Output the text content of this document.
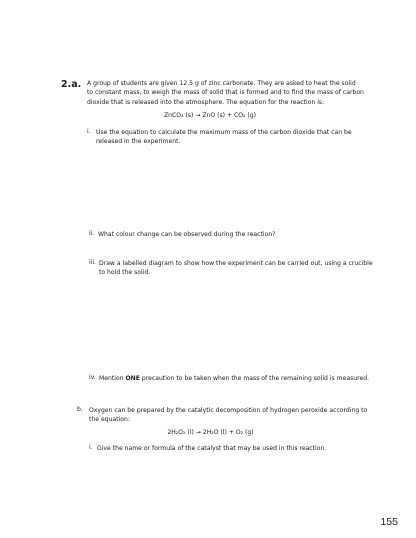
2.a. A group of students are given 12.5 g of zinc carbonate. They are asked to heat the solid
to constant mass, to weigh the mass of solid that is formed and to find the mass of carbon
dioxide that is released into the atmosphere. The equation for the reaction is:
ZnCO₃ (s) → ZnO (s) + CO₂ (g)
i. Use the equation to calculate the maximum mass of the carbon dioxide that can be
released in the experiment.
ii. What colour change can be observed during the reaction?
iii. Draw a labelled diagram to show how the experiment can be carried out, using a crucible
to hold the solid.
iv. Mention ONE precaution to be taken when the mass of the remaining solid is measured.
b. Oxygen can be prepared by the catalytic decomposition of hydrogen peroxide according to
the equation:
2H₂O₂ (l) → 2H₂O (l) + O₂ (g)
i. Give the name or formula of the catalyst that may be used in this reaction.
155
